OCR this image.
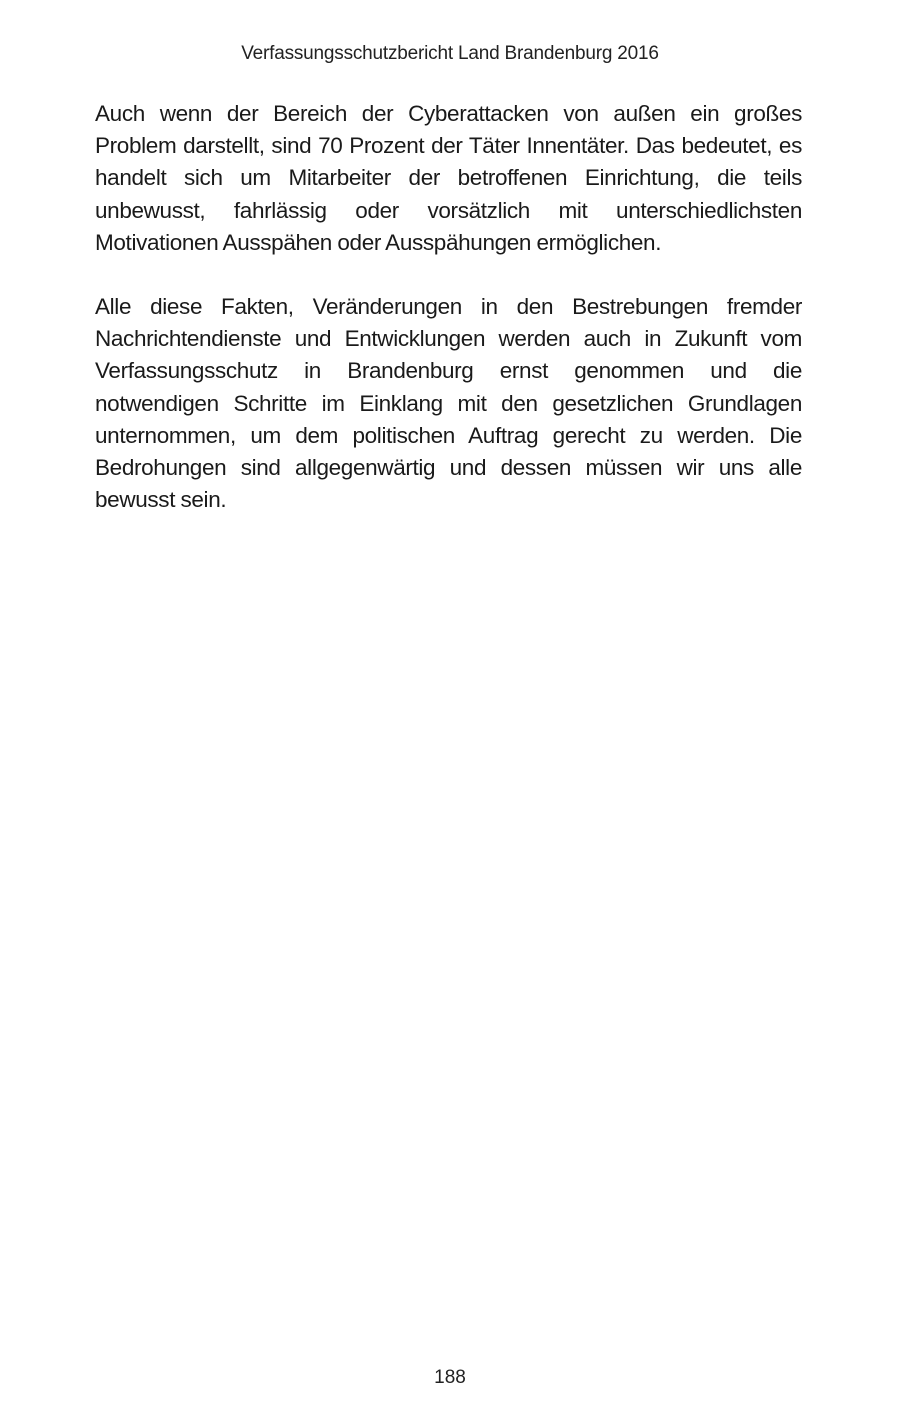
Verfassungsschutzbericht Land Brandenburg 2016

Auch wenn der Bereich der Cyberattacken von außen ein großes Problem darstellt, sind 70 Prozent der Täter Innentäter. Das bedeutet, es handelt sich um Mitarbeiter der betroffenen Einrichtung, die teils unbewusst, fahrlässig oder vorsätzlich mit unterschiedlichsten Motivationen Ausspähen oder Ausspähungen ermöglichen.

Alle diese Fakten, Veränderungen in den Bestrebungen fremder Nachrichtendienste und Entwicklungen werden auch in Zukunft vom Verfassungsschutz in Brandenburg ernst genommen und die notwendigen Schritte im Einklang mit den gesetzlichen Grundlagen unternommen, um dem politischen Auftrag gerecht zu werden. Die Bedrohungen sind allgegenwärtig und dessen müssen wir uns alle bewusst sein.

188
